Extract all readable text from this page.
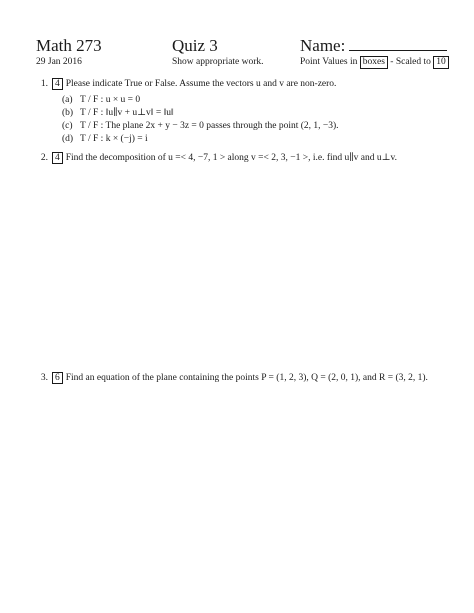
Math 273	Quiz 3	Name:
29 Jan 2016	Show appropriate work.	Point Values in boxes - Scaled to 10
1. 4 Please indicate True or False. Assume the vectors u and v are non-zero.
(a) T / F : u × u = 0
(b) T / F : ‖u∥v + u⊥v‖ = ‖u‖
(c) T / F : The plane 2x + y − 3z = 0 passes through the point (2, 1, −3).
(d) T / F : k × (−j) = i
2. 4 Find the decomposition of u =< 4, −7, 1 > along v =< 2, 3, −1 >, i.e. find u∥v and u⊥v.
3. 6 Find an equation of the plane containing the points P = (1, 2, 3), Q = (2, 0, 1), and R = (3, 2, 1).
